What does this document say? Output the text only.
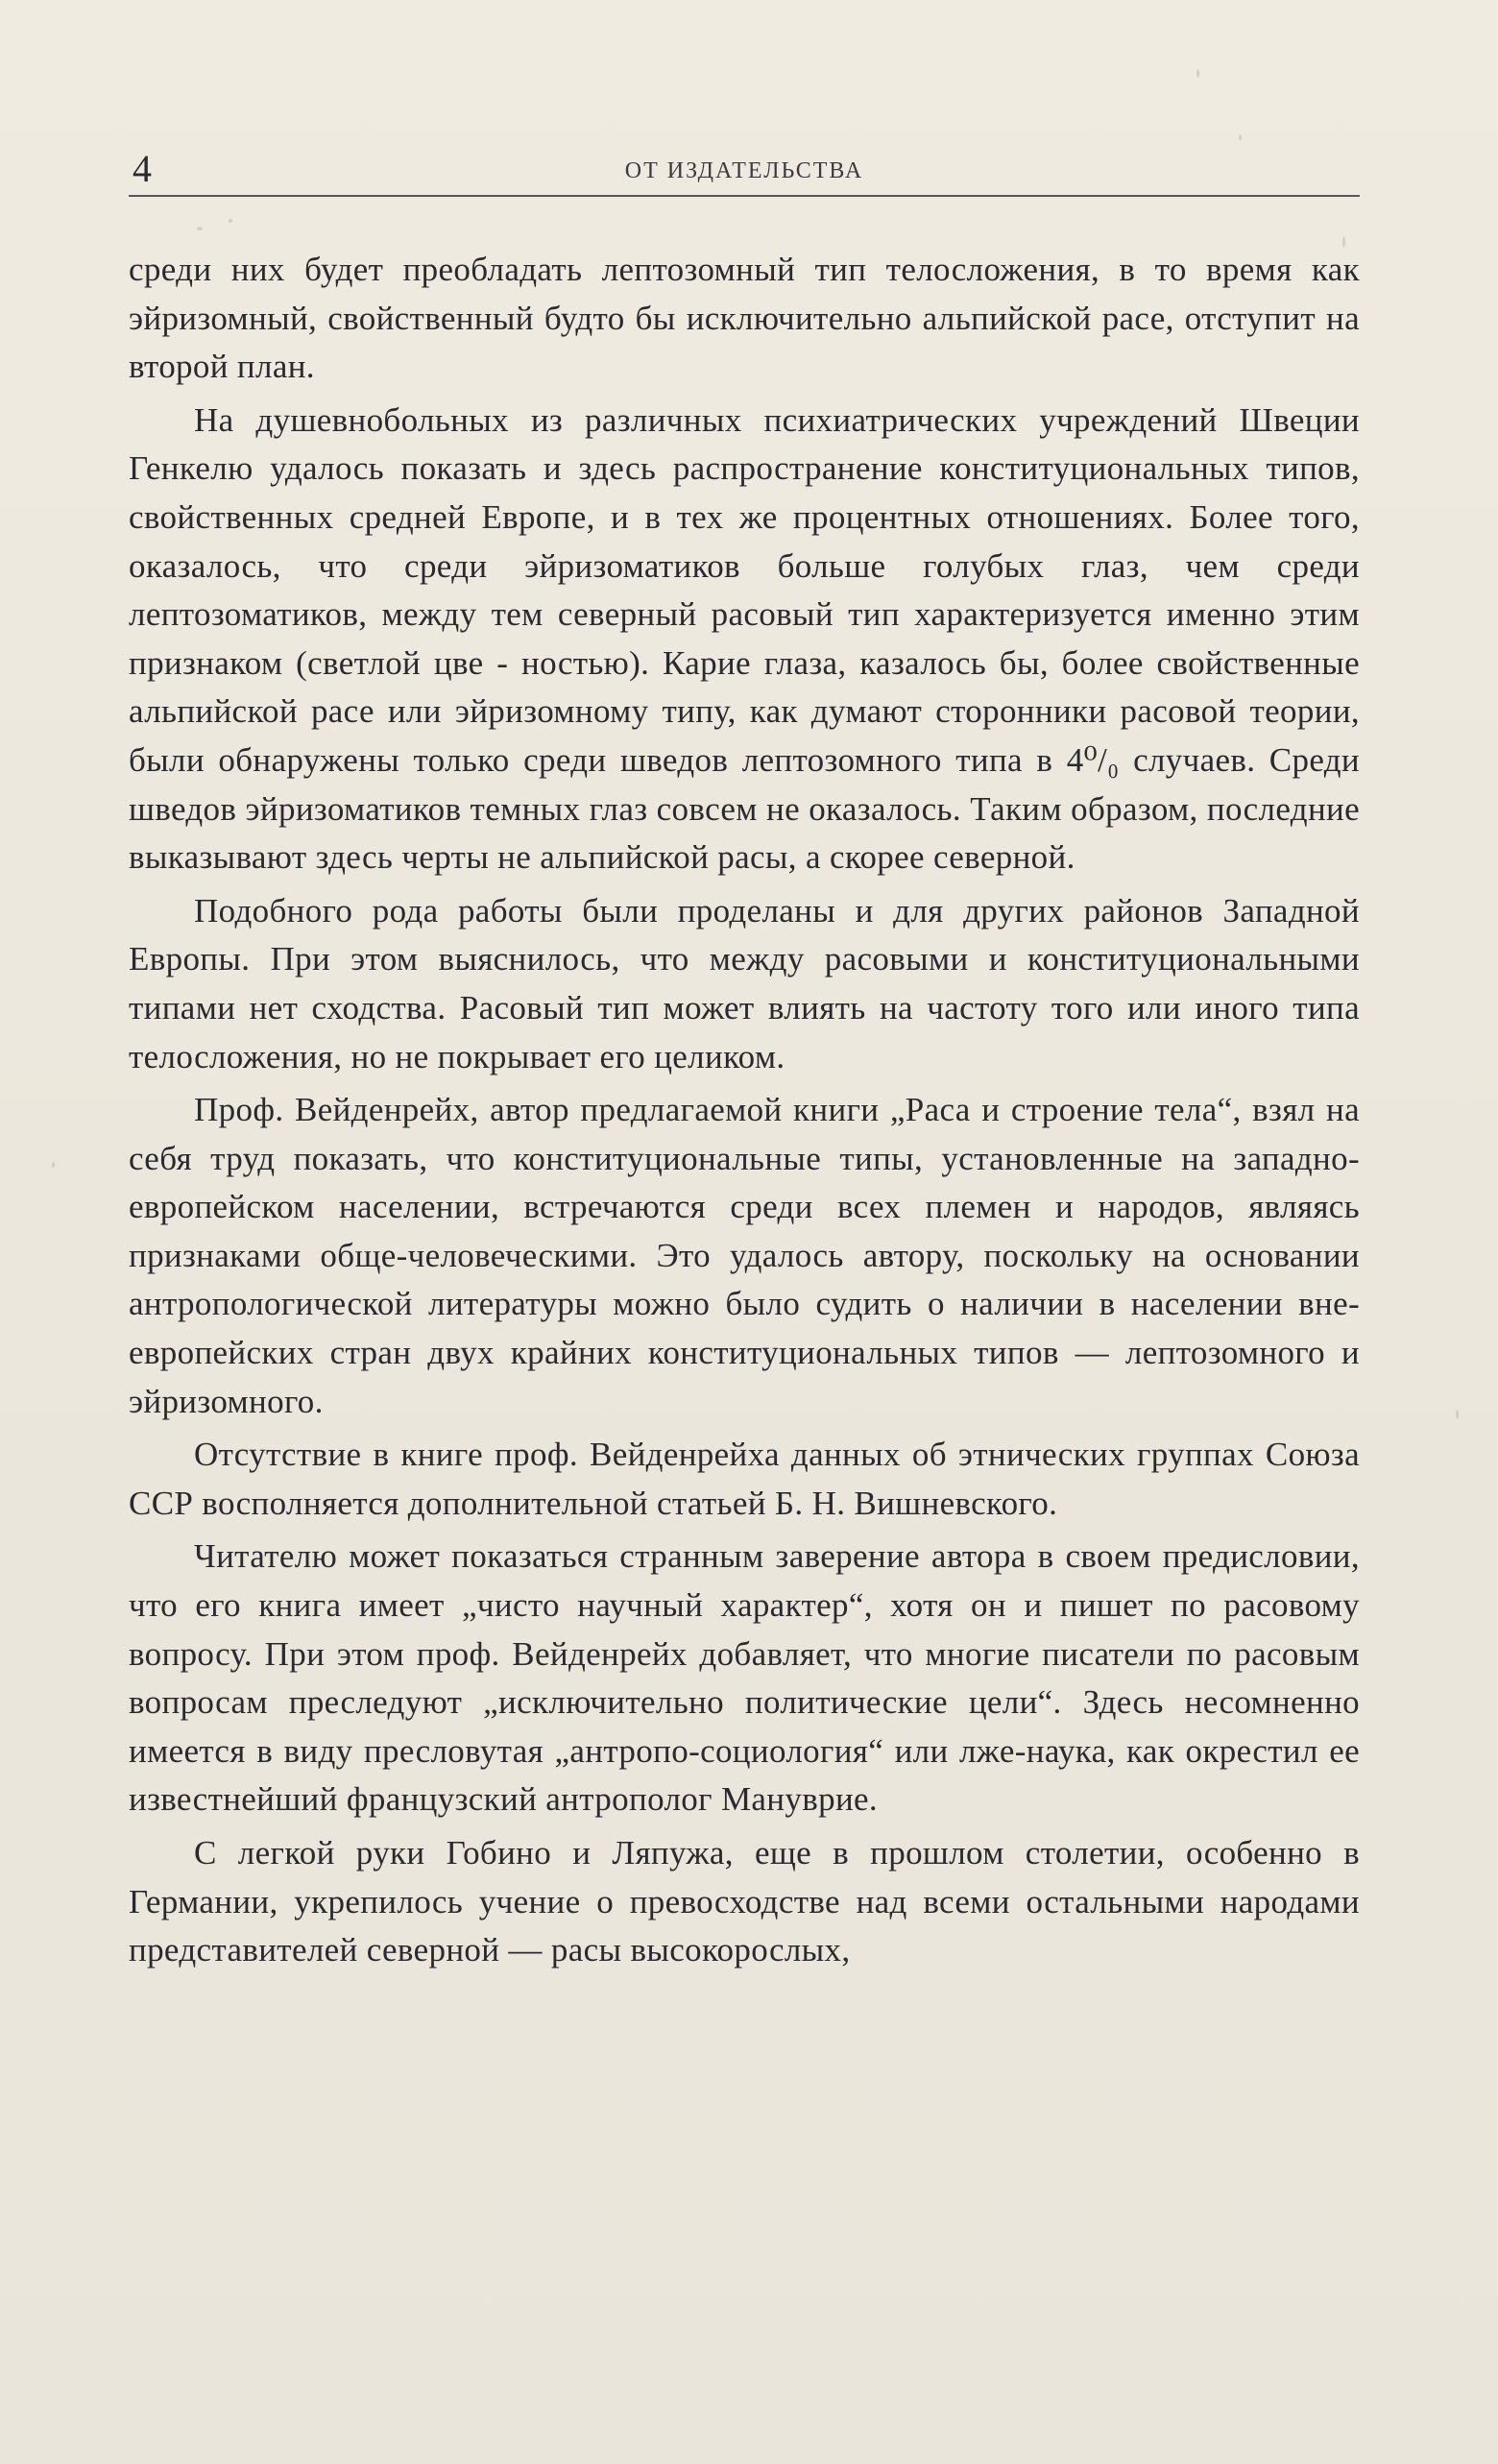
4	ОТ ИЗДАТЕЛЬСТВА

среди них будет преобладать лептозомный тип телосложения, в то время как эйризомный, свойственный будто бы исключительно альпийской расе, отступит на второй план.

На душевнобольных из различных психиатрических учреждений Швеции Генкелю удалось показать и здесь распространение конституциональных типов, свойственных средней Европе, и в тех же процентных отношениях. Более того, оказалось, что среди эйризоматиков больше голубых глаз, чем среди лептозоматиков, между тем северный расовый тип характеризуется именно этим признаком (светлой цве - ностью). Карие глаза, казалось бы, более свойственные альпийской расе или эйризомному типу, как думают сторонники расовой теории, были обнаружены только среди шведов лептозомного типа в 4⁰/₀ случаев. Среди шведов эйризоматиков темных глаз совсем не оказалось. Таким образом, последние выказывают здесь черты не альпийской расы, а скорее северной.

Подобного рода работы были проделаны и для других районов Западной Европы. При этом выяснилось, что между расовыми и конституциональными типами нет сходства. Расовый тип может влиять на частоту того или иного типа телосложения, но не покрывает его целиком.

Проф. Вейденрейх, автор предлагаемой книги „Раса и строение тела“, взял на себя труд показать, что конституциональные типы, установленные на западно-европейском населении, встречаются среди всех племен и народов, являясь признаками обще-человеческими. Это удалось автору, поскольку на основании антропологической литературы можно было судить о наличии в населении вне-европейских стран двух крайних конституциональных типов — лептозомного и эйризомного.

Отсутствие в книге проф. Вейденрейха данных об этнических группах Союза ССР восполняется дополнительной статьей Б. Н. Вишневского.

Читателю может показаться странным заверение автора в своем предисловии, что его книга имеет „чисто научный характер“, хотя он и пишет по расовому вопросу. При этом проф. Вейденрейх добавляет, что многие писатели по расовым вопросам преследуют „исключительно политические цели“. Здесь несомненно имеется в виду пресловутая „антропо-социология“ или лже-наука, как окрестил ее известнейший французский антрополог Мануврие.

С легкой руки Гобино и Ляпужа, еще в прошлом столетии, особенно в Германии, укрепилось учение о превосходстве над всеми остальными народами представителей северной — расы высокорослых,
